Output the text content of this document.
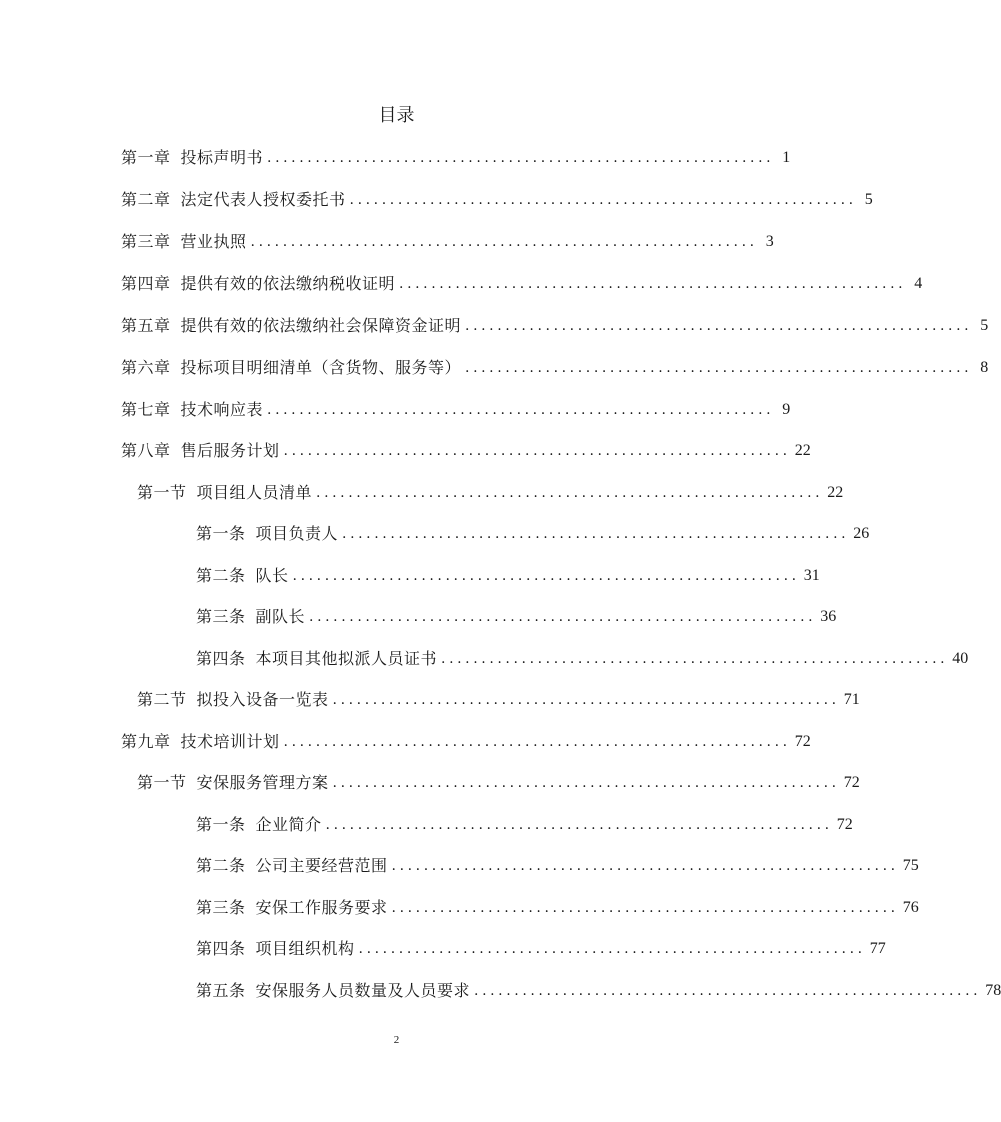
目录
第一章 投标声明书 ............................................................... 1
第二章 法定代表人授权委托书 ............................................................... 5
第三章 营业执照 ............................................................... 3
第四章 提供有效的依法缴纳税收证明 ............................................................... 4
第五章 提供有效的依法缴纳社会保障资金证明 ............................................................... 5
第六章 投标项目明细清单（含货物、服务等） ............................................................... 8
第七章 技术响应表 ............................................................... 9
第八章 售后服务计划 ............................................................... 22
第一节 项目组人员清单 ............................................................... 22
第一条 项目负责人 ............................................................... 26
第二条 队长 ............................................................... 31
第三条 副队长 ............................................................... 36
第四条 本项目其他拟派人员证书 ............................................................... 40
第二节 拟投入设备一览表 ............................................................... 71
第九章 技术培训计划 ............................................................... 72
第一节 安保服务管理方案 ............................................................... 72
第一条 企业简介 ............................................................... 72
第二条 公司主要经营范围 ............................................................... 75
第三条 安保工作服务要求 ............................................................... 76
第四条 项目组织机构 ............................................................... 77
第五条 安保服务人员数量及人员要求 ............................................................... 78
2
